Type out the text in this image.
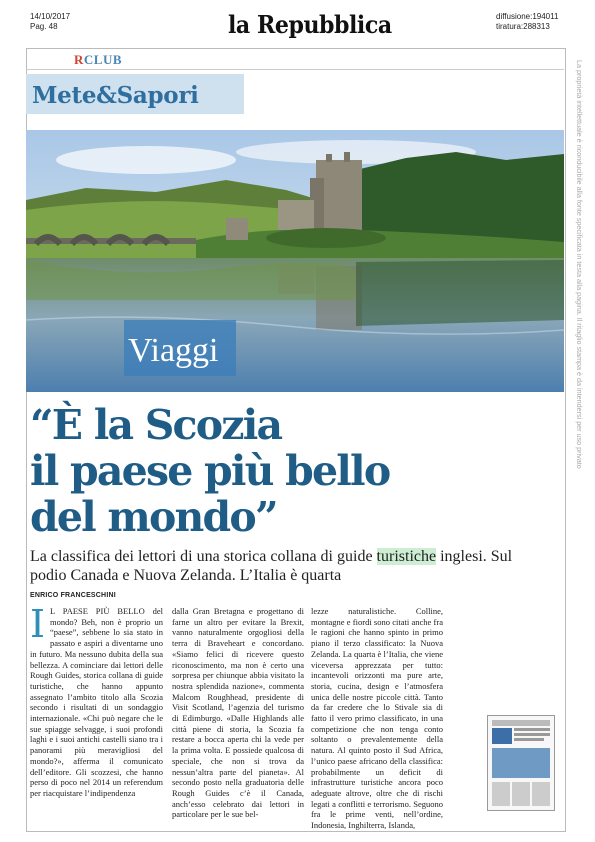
14/10/2017
Pag. 48	la Repubblica	diffusione:194011
tiratura:288313
RCLUB
Mete&Sapori
Viaggi
“È la Scozia
il paese più bello
del mondo”
La classifica dei lettori di una storica collana di guide turistiche inglesi. Sul podio Canada e Nuova Zelanda. L’Italia è quarta
ENRICO FRANCESCHINI
I L PAESE PIÙ BELLO del mondo? Beh, non è proprio un “paese”, sebbene lo sia stato in passato e aspiri a diventarne uno in futuro. Ma nessuno dubita della sua bellezza. A cominciare dai lettori delle Rough Guides, storica collana di guide turistiche, che hanno appunto assegnato l’ambito titolo alla Scozia secondo i risultati di un sondaggio internazionale. «Chi può negare che le sue spiagge selvagge, i suoi profondi laghi e i suoi antichi castelli siano tra i panorami più meravigliosi del mondo?», afferma il comunicato dell’editore. Gli scozzesi, che hanno perso di poco nel 2014 un referendum per riacquistare l’indipendenza

dalla Gran Bretagna e progettano di farne un altro per evitare la Brexit, vanno naturalmente orgogliosi della terra di Braveheart e concordano. «Siamo felici di ricevere questo riconoscimento, ma non è certo una sorpresa per chiunque abbia visitato la nostra splendida nazione», commenta Malcom Roughhead, presidente di Visit Scotland, l’agenzia del turismo di Edimburgo. «Dalle Highlands alle città piene di storia, la Scozia fa restare a bocca aperta chi la vede per la prima volta. E possiede qualcosa di speciale, che non si trova da nessun’altra parte del pianeta». Al secondo posto nella graduatoria delle Rough Guides c’è il Canada, anch’esso celebrato dai lettori in particolare per le sue bel-

lezze naturalistiche. Colline, montagne e fiordi sono citati anche fra le ragioni che hanno spinto in primo piano il terzo classificato: la Nuova Zelanda. La quarta è l’Italia, che viene viceversa apprezzata per tutto: incantevoli orizzonti ma pure arte, storia, cucina, design e l’atmosfera unica delle nostre piccole città. Tanto da far credere che lo Stivale sia di fatto il vero primo classificato, in una competizione che non tenga conto soltanto o prevalentemente della natura. Al quinto posto il Sud Africa, l’unico paese africano della classifica: probabilmente un deficit di infrastrutture turistiche ancora poco adeguate altrove, oltre che di rischi legati a conflitti e terrorismo. Seguono fra le prime venti, nell’ordine, Indonesia, Inghilterra, Islanda,

La proprietà intellettuale è riconducibile alla fonte specificata in testa alla pagina. Il ritaglio stampa è da intendersi per uso privato
